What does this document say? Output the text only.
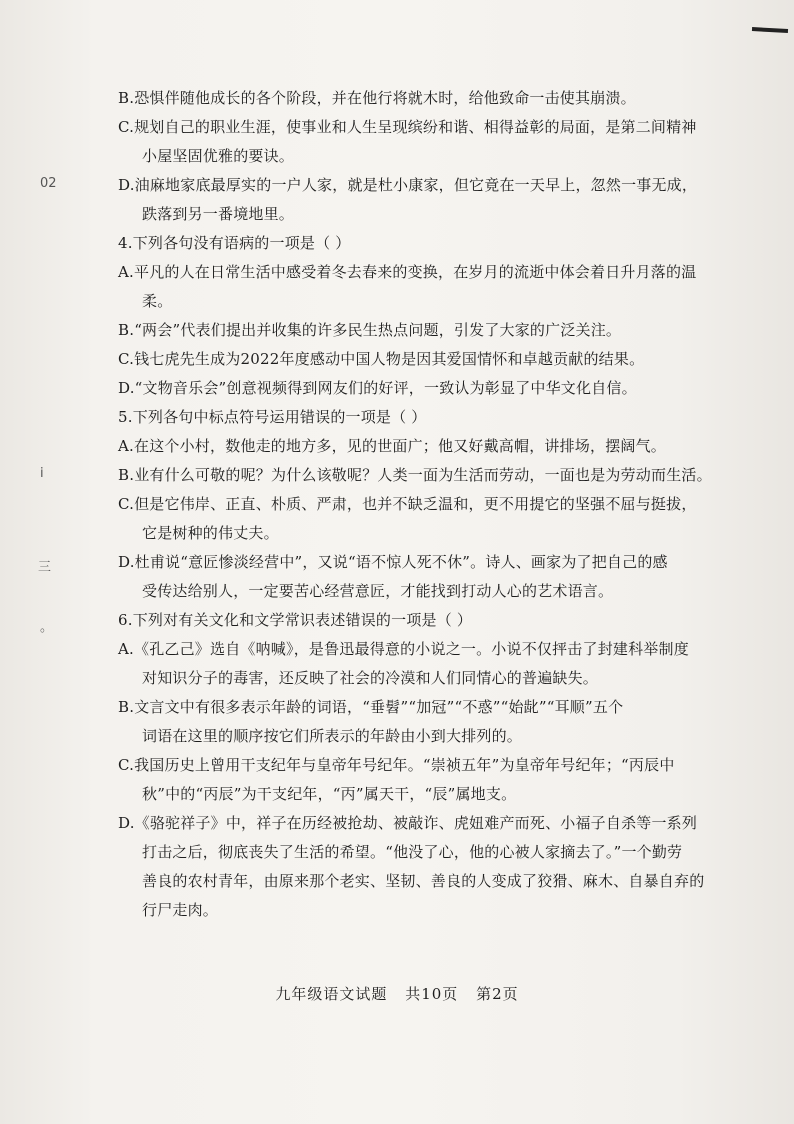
02
i
三
。
B.恐惧伴随他成长的各个阶段，并在他行将就木时，给他致命一击使其崩溃。
C.规划自己的职业生涯，使事业和人生呈现缤纷和谐、相得益彰的局面，是第二间精神
小屋坚固优雅的要诀。
D.油麻地家底最厚实的一户人家，就是杜小康家，但它竟在一天早上，忽然一事无成，
跌落到另一番境地里。
4.下列各句没有语病的一项是（ ）
A.平凡的人在日常生活中感受着冬去春来的变换，在岁月的流逝中体会着日升月落的温
柔。
B.“两会”代表们提出并收集的许多民生热点问题，引发了大家的广泛关注。
C.钱七虎先生成为2022年度感动中国人物是因其爱国情怀和卓越贡献的结果。
D.“文物音乐会”创意视频得到网友们的好评，一致认为彰显了中华文化自信。
5.下列各句中标点符号运用错误的一项是（ ）
A.在这个小村，数他走的地方多，见的世面广；他又好戴高帽，讲排场，摆阔气。
B.业有什么可敬的呢？为什么该敬呢？人类一面为生活而劳动，一面也是为劳动而生活。
C.但是它伟岸、正直、朴质、严肃，也并不缺乏温和，更不用提它的坚强不屈与挺拔，
它是树种的伟丈夫。
D.杜甫说“意匠惨淡经营中”，又说“语不惊人死不休”。诗人、画家为了把自己的感
受传达给别人，一定要苦心经营意匠，才能找到打动人心的艺术语言。
6.下列对有关文化和文学常识表述错误的一项是（ ）
A.《孔乙己》选自《呐喊》，是鲁迅最得意的小说之一。小说不仅抨击了封建科举制度
对知识分子的毒害，还反映了社会的冷漠和人们同情心的普遍缺失。
B.文言文中有很多表示年龄的词语，“垂髫”“加冠”“不惑”“始龀”“耳顺”五个
词语在这里的顺序按它们所表示的年龄由小到大排列的。
C.我国历史上曾用干支纪年与皇帝年号纪年。“崇祯五年”为皇帝年号纪年；“丙辰中
秋”中的“丙辰”为干支纪年，“丙”属天干，“辰”属地支。
D.《骆驼祥子》中，祥子在历经被抢劫、被敲诈、虎妞难产而死、小福子自杀等一系列
打击之后，彻底丧失了生活的希望。“他没了心，他的心被人家摘去了。”一个勤劳
善良的农村青年，由原来那个老实、坚韧、善良的人变成了狡猾、麻木、自暴自弃的
行尸走肉。
九年级语文试题 共10页 第2页
